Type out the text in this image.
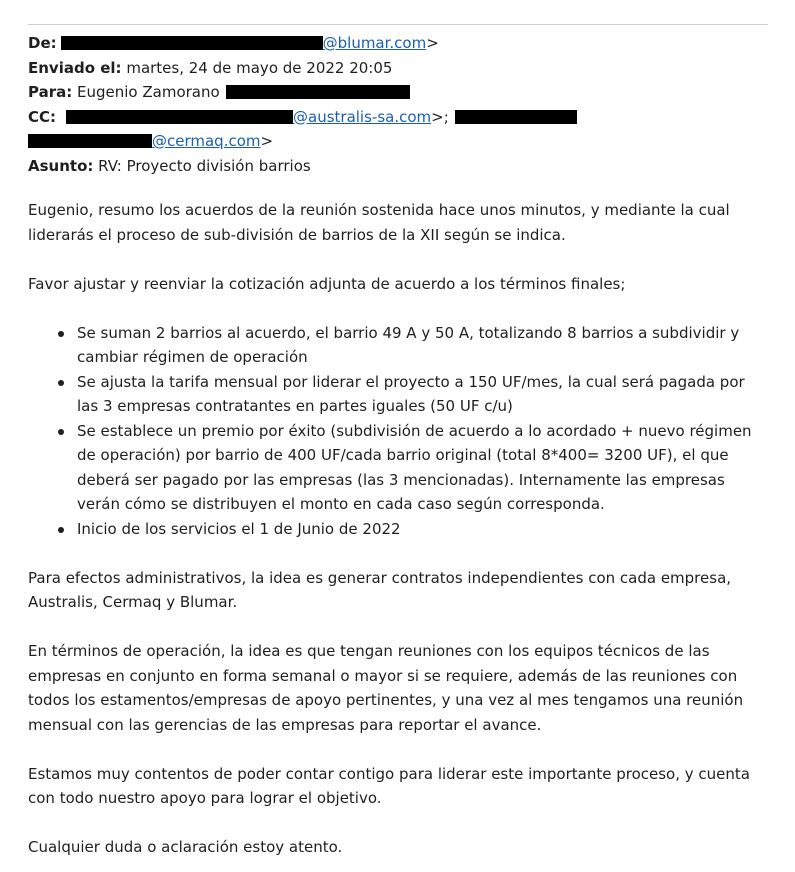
De:	@blumar.com>
Enviado el: martes, 24 de mayo de 2022 20:05
Para: Eugenio Zamorano
CC:	@australis-sa.com>;
@cermaq.com>
Asunto: RV: Proyecto división barrios

Eugenio, resumo los acuerdos de la reunión sostenida hace unos minutos, y mediante la cual liderarás el proceso de sub-división de barrios de la XII según se indica.

Favor ajustar y reenviar la cotización adjunta de acuerdo a los términos finales;

Se suman 2 barrios al acuerdo, el barrio 49 A y 50 A, totalizando 8 barrios a subdividir y cambiar régimen de operación
Se ajusta la tarifa mensual por liderar el proyecto a 150 UF/mes, la cual será pagada por las 3 empresas contratantes en partes iguales (50 UF c/u)
Se establece un premio por éxito (subdivisión de acuerdo a lo acordado + nuevo régimen de operación) por barrio de 400 UF/cada barrio original (total 8*400= 3200 UF), el que deberá ser pagado por las empresas (las 3 mencionadas). Internamente las empresas verán cómo se distribuyen el monto en cada caso según corresponda.
Inicio de los servicios el 1 de Junio de 2022

Para efectos administrativos, la idea es generar contratos independientes con cada empresa, Australis, Cermaq y Blumar.

En términos de operación, la idea es que tengan reuniones con los equipos técnicos de las empresas en conjunto en forma semanal o mayor si se requiere, además de las reuniones con todos los estamentos/empresas de apoyo pertinentes, y una vez al mes tengamos una reunión mensual con las gerencias de las empresas para reportar el avance.

Estamos muy contentos de poder contar contigo para liderar este importante proceso, y cuenta con todo nuestro apoyo para lograr el objetivo.

Cualquier duda o aclaración estoy atento.
